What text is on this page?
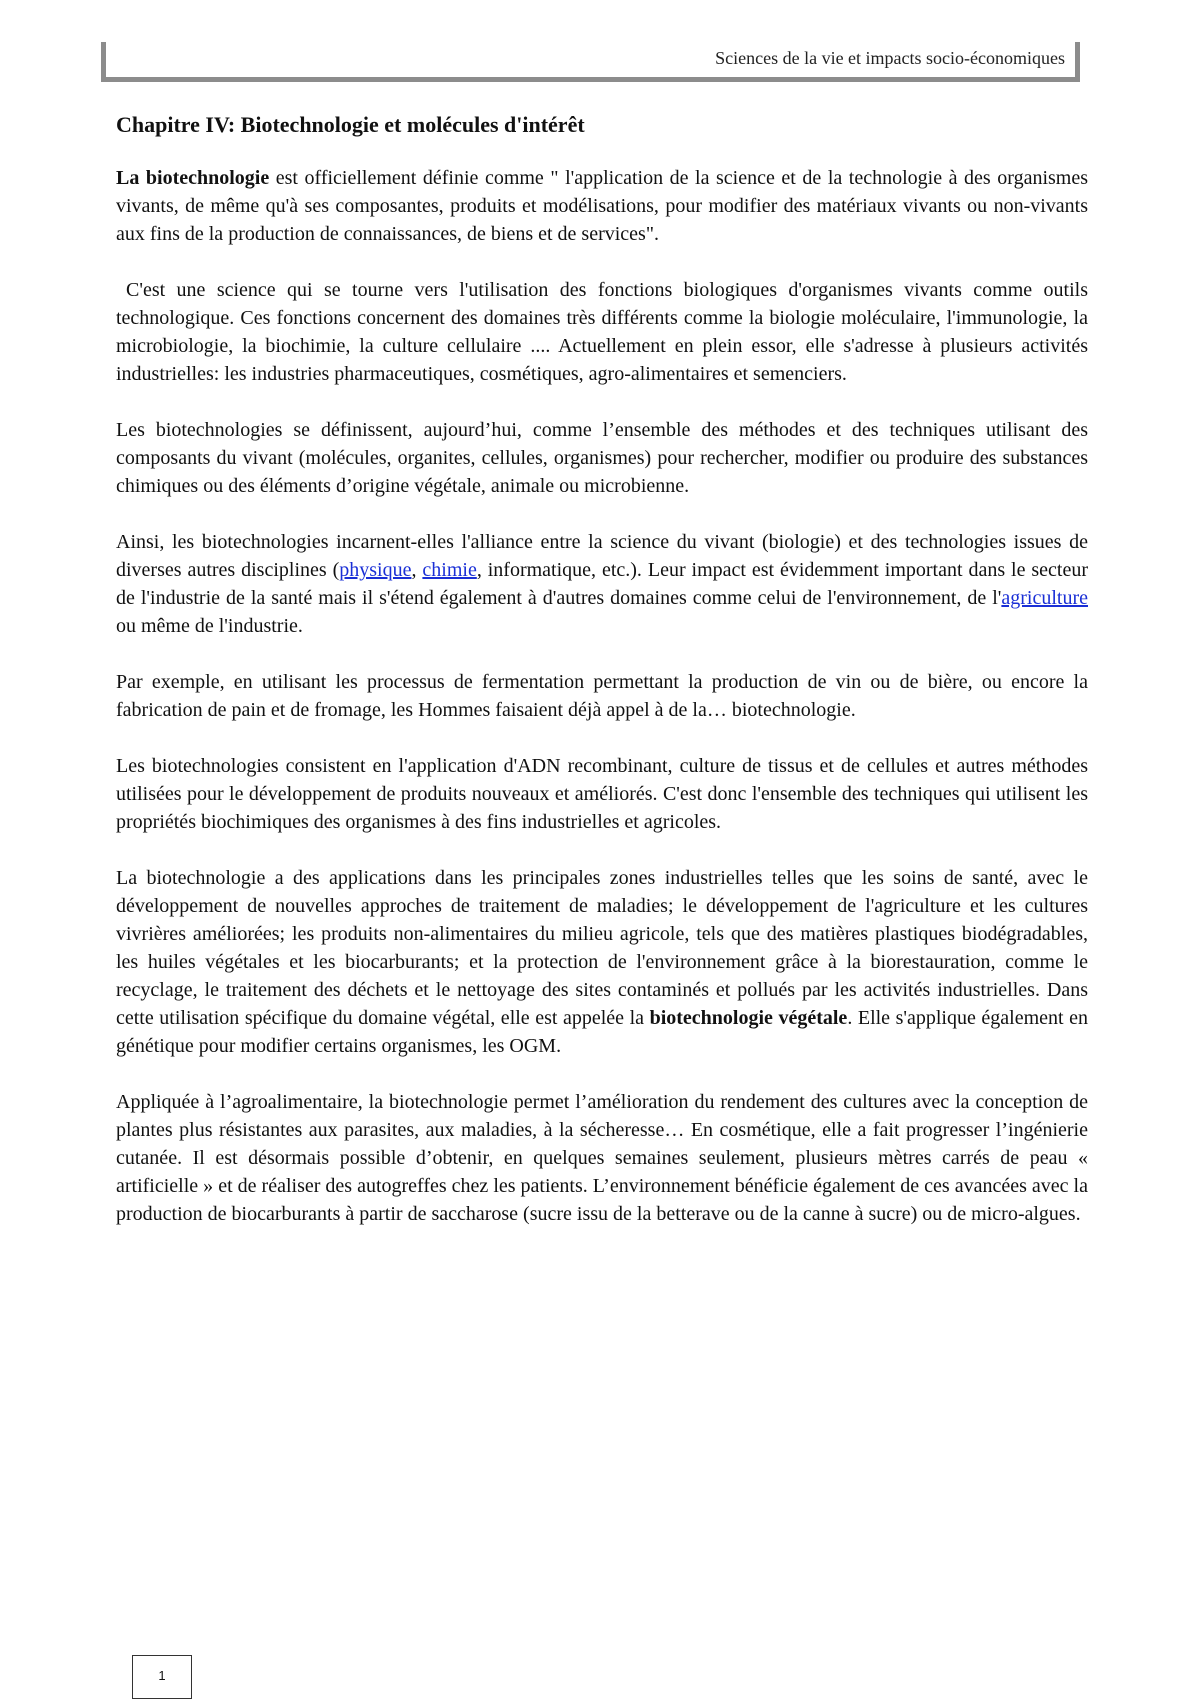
Sciences de la vie et impacts socio-économiques
Chapitre IV: Biotechnologie et molécules d'intérêt

La biotechnologie est officiellement définie comme " l'application de la science et de la technologie à des organismes vivants, de même qu'à ses composantes, produits et modélisations, pour modifier des matériaux vivants ou non-vivants aux fins de la production de connaissances, de biens et de services".

C'est une science qui se tourne vers l'utilisation des fonctions biologiques d'organismes vivants comme outils technologique. Ces fonctions concernent des domaines très différents comme la biologie moléculaire, l'immunologie, la microbiologie, la biochimie, la culture cellulaire .... Actuellement en plein essor, elle s'adresse à plusieurs activités industrielles: les industries pharmaceutiques, cosmétiques, agro-alimentaires et semenciers.

Les biotechnologies se définissent, aujourd’hui, comme l’ensemble des méthodes et des techniques utilisant des composants du vivant (molécules, organites, cellules, organismes) pour rechercher, modifier ou produire des substances chimiques ou des éléments d’origine végétale, animale ou microbienne.

Ainsi, les biotechnologies incarnent-elles l'alliance entre la science du vivant (biologie) et des technologies issues de diverses autres disciplines (physique, chimie, informatique, etc.). Leur impact est évidemment important dans le secteur de l'industrie de la santé mais il s'étend également à d'autres domaines comme celui de l'environnement, de l'agriculture ou même de l'industrie.

Par exemple, en utilisant les processus de fermentation permettant la production de vin ou de bière, ou encore la fabrication de pain et de fromage, les Hommes faisaient déjà appel à de la… biotechnologie.

Les biotechnologies consistent en l'application d'ADN recombinant, culture de tissus et de cellules et autres méthodes utilisées pour le développement de produits nouveaux et améliorés. C'est donc l'ensemble des techniques qui utilisent les propriétés biochimiques des organismes à des fins industrielles et agricoles.

La biotechnologie a des applications dans les principales zones industrielles telles que les soins de santé, avec le développement de nouvelles approches de traitement de maladies; le développement de l'agriculture et les cultures vivrières améliorées; les produits non-alimentaires du milieu agricole, tels que des matières plastiques biodégradables, les huiles végétales et les biocarburants; et la protection de l'environnement grâce à la biorestauration, comme le recyclage, le traitement des déchets et le nettoyage des sites contaminés et pollués par les activités industrielles. Dans cette utilisation spécifique du domaine végétal, elle est appelée la biotechnologie végétale. Elle s'applique également en génétique pour modifier certains organismes, les OGM.

Appliquée à l’agroalimentaire, la biotechnologie permet l’amélioration du rendement des cultures avec la conception de plantes plus résistantes aux parasites, aux maladies, à la sécheresse… En cosmétique, elle a fait progresser l’ingénierie cutanée. Il est désormais possible d’obtenir, en quelques semaines seulement, plusieurs mètres carrés de peau « artificielle » et de réaliser des autogreffes chez les patients. L’environnement bénéficie également de ces avancées avec la production de biocarburants à partir de saccharose (sucre issu de la betterave ou de la canne à sucre) ou de micro-algues.

1
